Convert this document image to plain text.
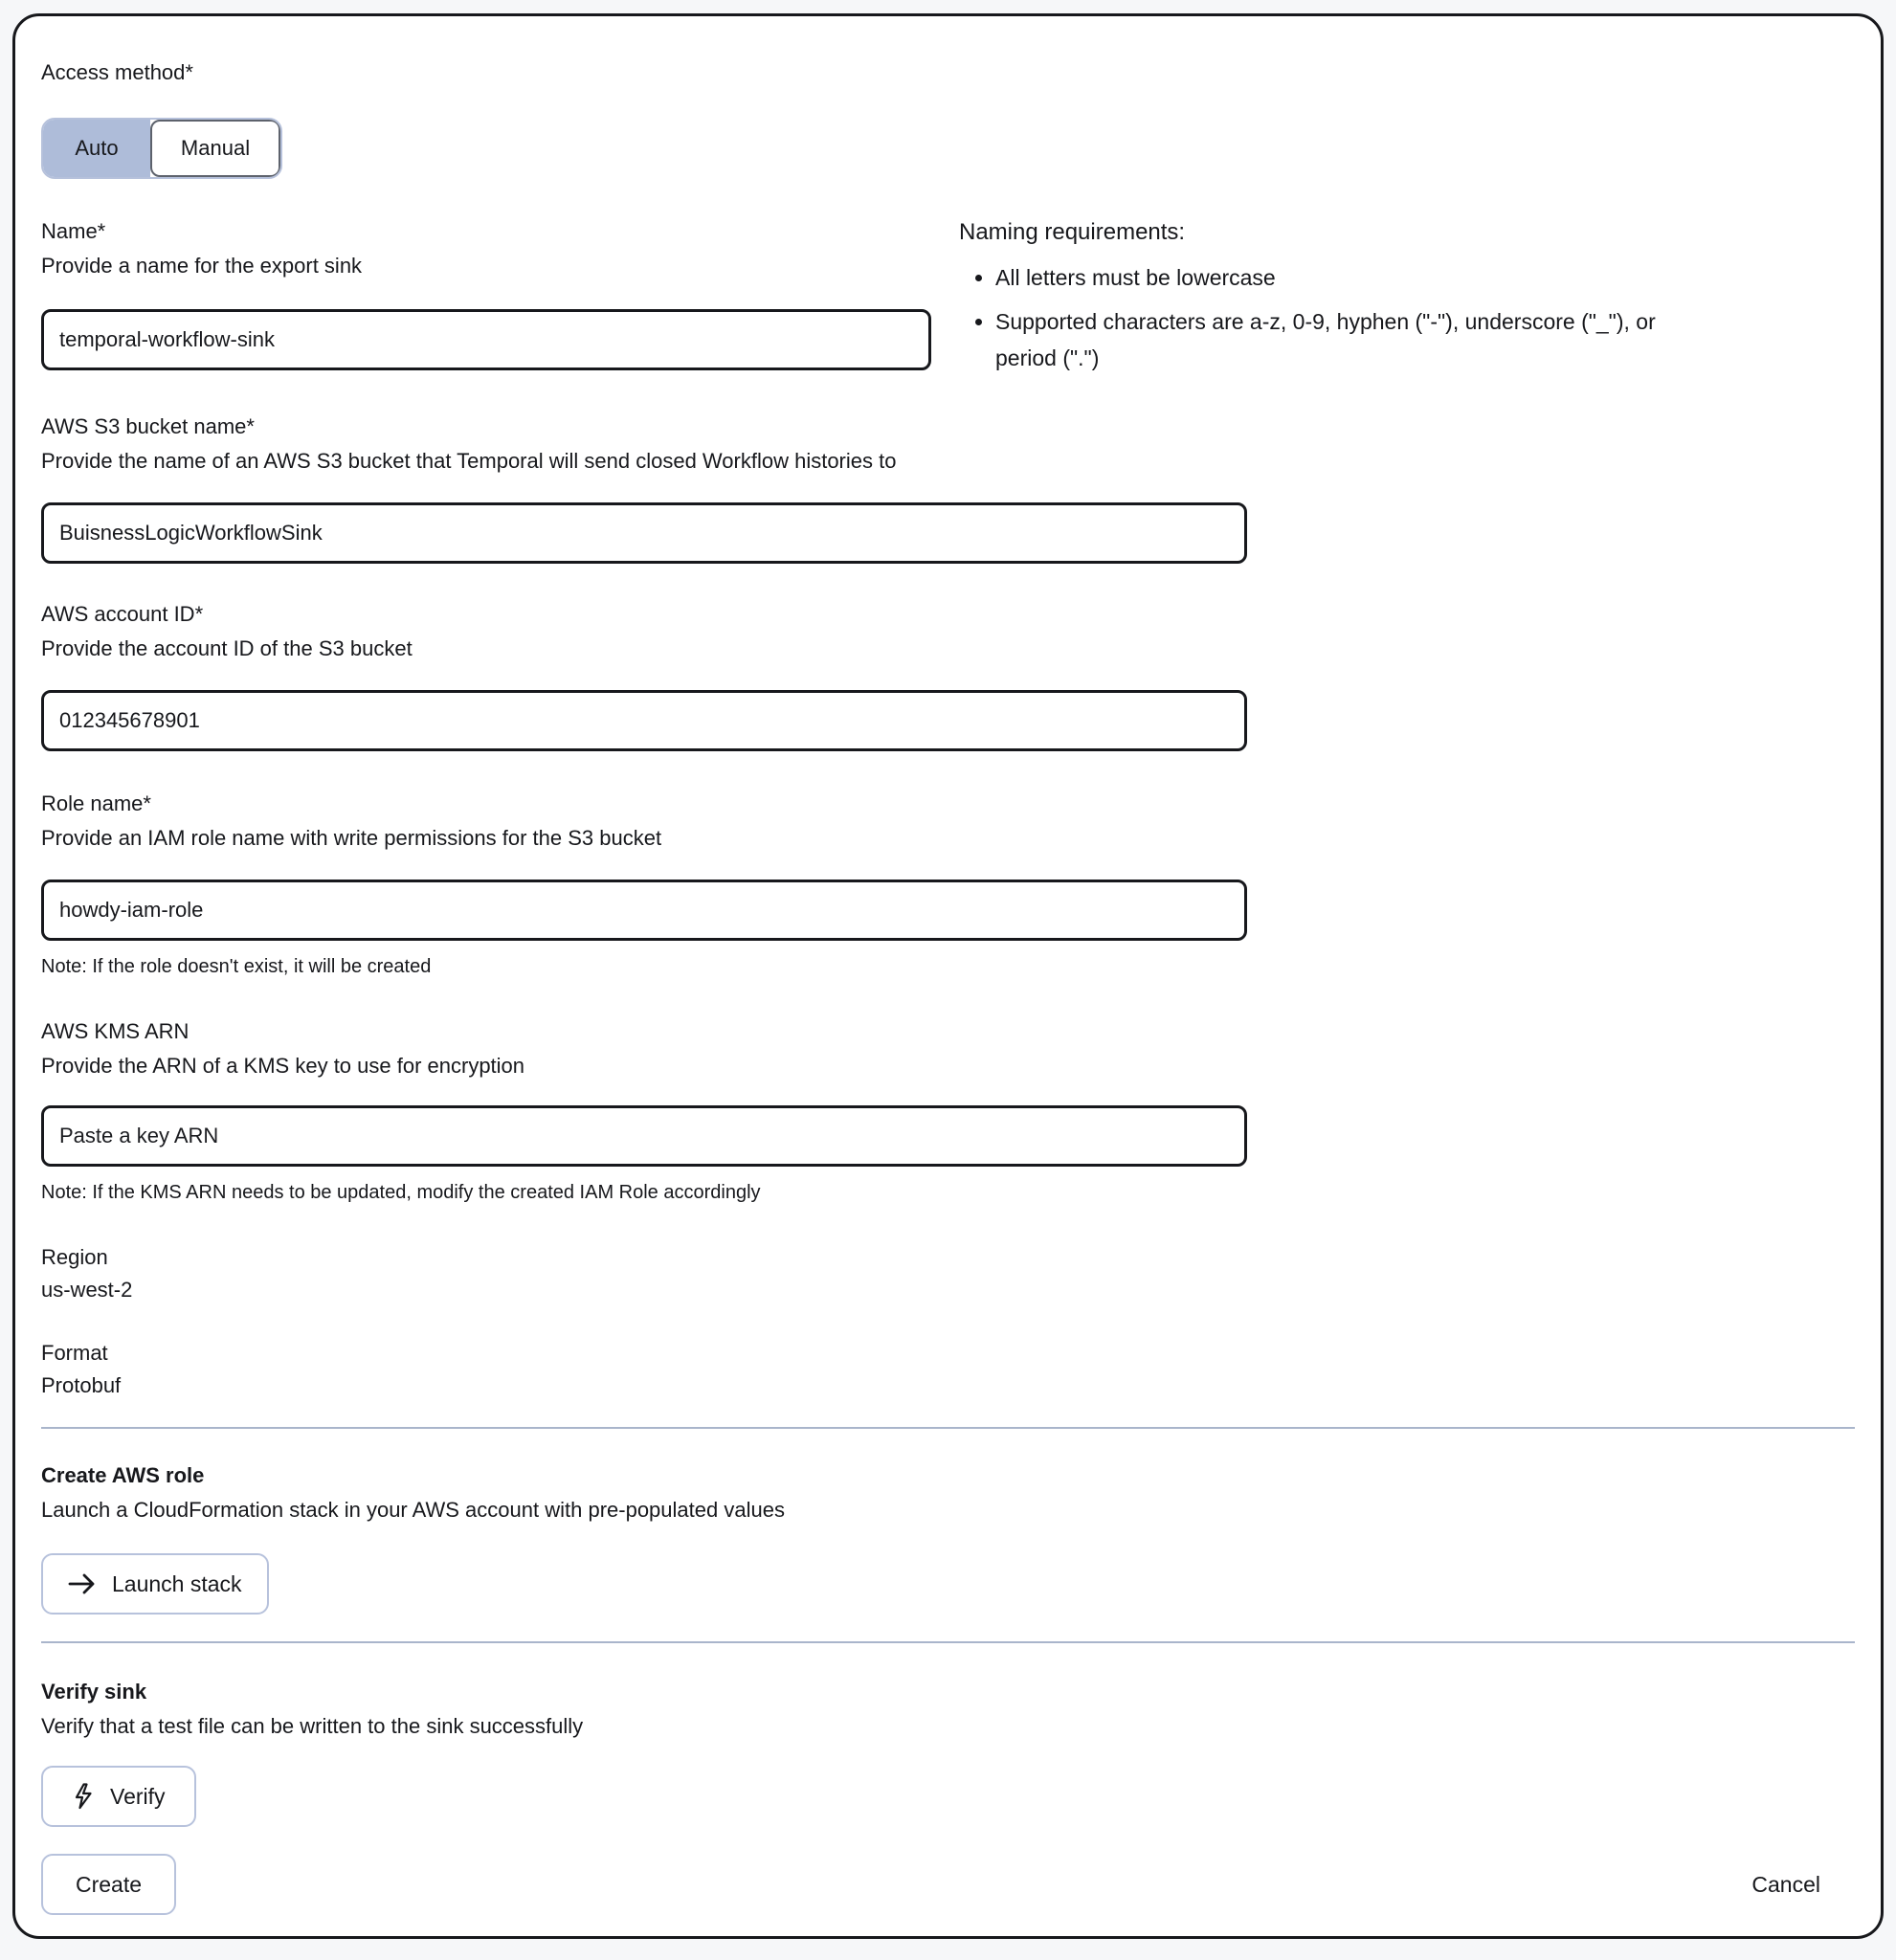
Access method*
Auto	Manual
Name*
Provide a name for the export sink
temporal-workflow-sink
Naming requirements:
• All letters must be lowercase
• Supported characters are a-z, 0-9, hyphen ("-"), underscore ("_"), or
period (".")
AWS S3 bucket name*
Provide the name of an AWS S3 bucket that Temporal will send closed Workflow histories to
BuisnessLogicWorkflowSink
AWS account ID*
Provide the account ID of the S3 bucket
012345678901
Role name*
Provide an IAM role name with write permissions for the S3 bucket
howdy-iam-role
Note: If the role doesn't exist, it will be created
AWS KMS ARN
Provide the ARN of a KMS key to use for encryption
Paste a key ARN
Note: If the KMS ARN needs to be updated, modify the created IAM Role accordingly
Region
us-west-2
Format
Protobuf
Create AWS role
Launch a CloudFormation stack in your AWS account with pre-populated values
Launch stack
Verify sink
Verify that a test file can be written to the sink successfully
Verify
Create	Cancel
